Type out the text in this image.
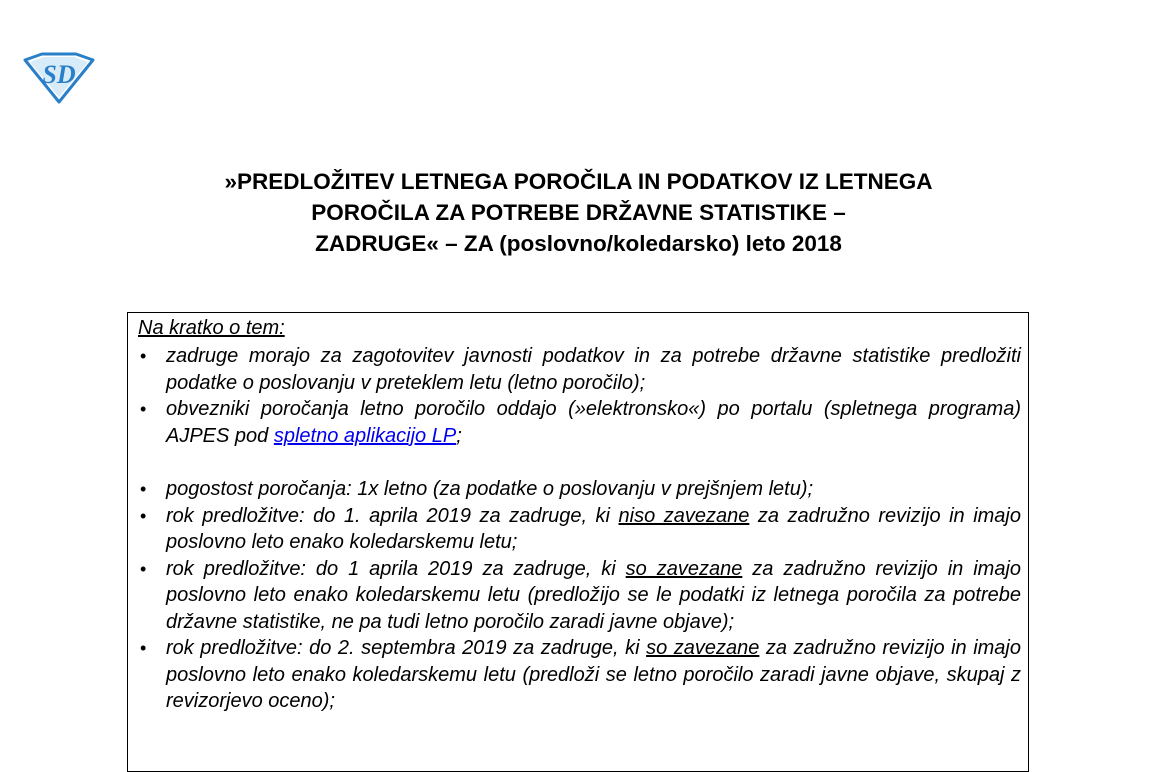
SD
»PREDLOŽITEV LETNEGA POROČILA IN PODATKOV IZ LETNEGA
POROČILA ZA POTREBE DRŽAVNE STATISTIKE –
ZADRUGE« – ZA (poslovno/koledarsko) leto 2018
Na kratko o tem:
• zadruge morajo za zagotovitev javnosti podatkov in za potrebe državne statistike predložiti podatke o poslovanju v preteklem letu (letno poročilo);
• obvezniki poročanja letno poročilo oddajo (»elektronsko«) po portalu (spletnega programa) AJPES pod spletno aplikacijo LP;
• pogostost poročanja: 1x letno (za podatke o poslovanju v prejšnjem letu);
• rok predložitve: do 1. aprila 2019 za zadruge, ki niso zavezane za zadružno revizijo in imajo poslovno leto enako koledarskemu letu;
• rok predložitve: do 1 aprila 2019 za zadruge, ki so zavezane za zadružno revizijo in imajo poslovno leto enako koledarskemu letu (predložijo se le podatki iz letnega poročila za potrebe državne statistike, ne pa tudi letno poročilo zaradi javne objave);
• rok predložitve: do 2. septembra 2019 za zadruge, ki so zavezane za zadružno revizijo in imajo poslovno leto enako koledarskemu letu (predloži se letno poročilo zaradi javne objave, skupaj z revizorjevo oceno);
